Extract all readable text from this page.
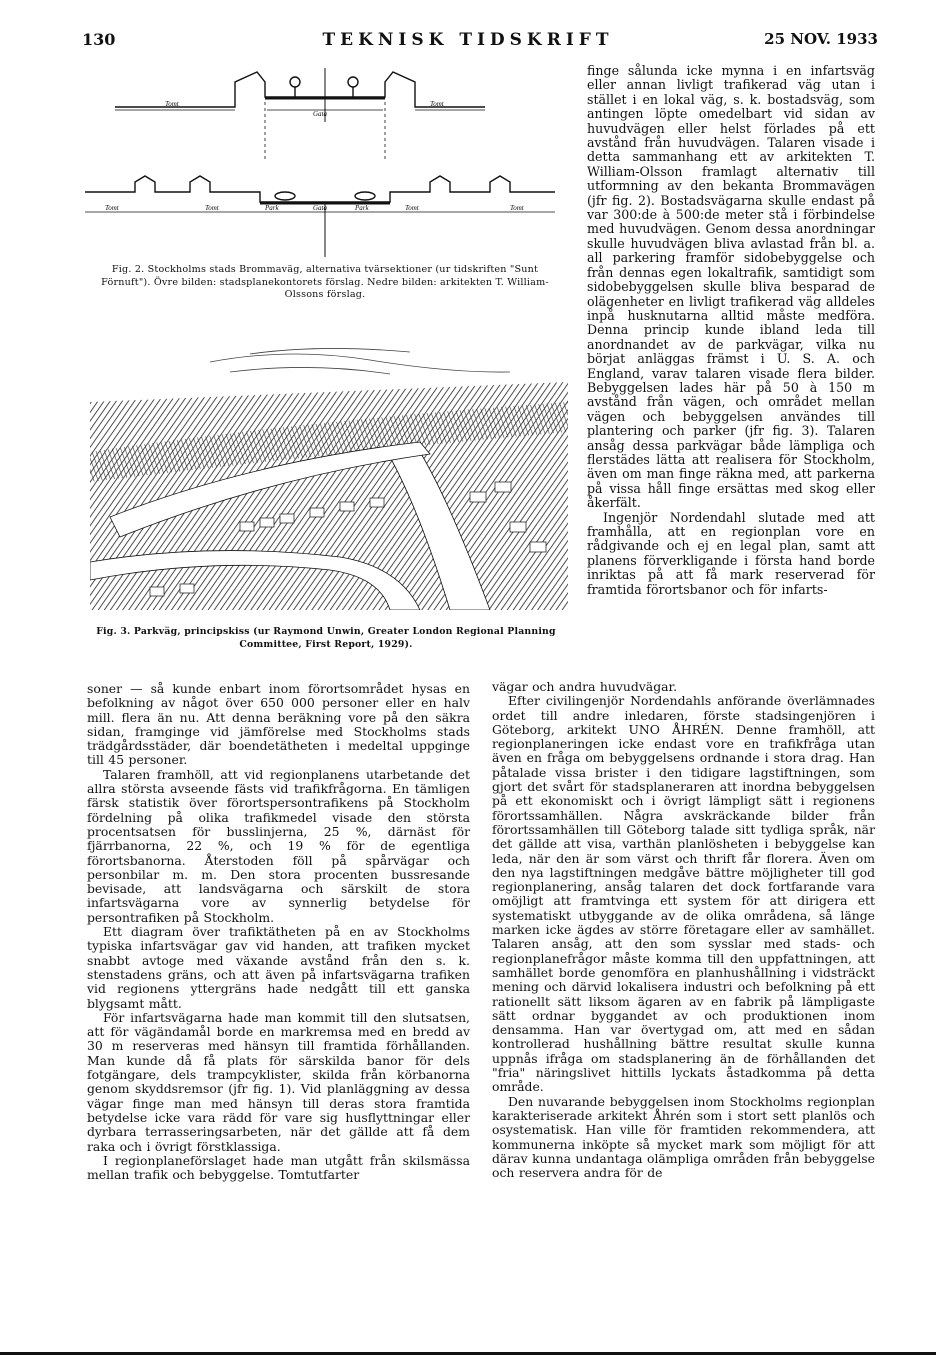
130	TEKNISK TIDSKRIFT	25 NOV. 1933
Tomt	Tomt
Gata
Tomt	Tomt	Park	Gata	Park	Tomt	Tomt
Fig. 2. Stockholms stads Brommaväg, alternativa tvärsektioner (ur tidskriften "Sunt Förnuft"). Övre bilden: stadsplanekontorets förslag. Nedre bilden: arkitekten T. William-Olssons förslag.
Fig. 3. Parkväg, principskiss (ur Raymond Unwin, Greater London Regional Planning Committee, First Report, 1929).

finge sålunda icke mynna i en infartsväg eller annan livligt trafikerad väg utan i stället i en lokal väg, s. k. bostadsväg, som antingen löpte omedelbart vid sidan av huvudvägen eller helst förlades på ett avstånd från huvudvägen. Talaren visade i detta sammanhang ett av arkitekten T. William-Olsson framlagt alternativ till utformning av den bekanta Brommavägen (jfr fig. 2). Bostadsvägarna skulle endast på var 300:de à 500:de meter stå i förbindelse med huvudvägen. Genom dessa anordningar skulle huvudvägen bliva avlastad från bl. a. all parkering framför sidobebyggelse och från dennas egen lokaltrafik, samtidigt som sidobebyggelsen skulle bliva besparad de olägenheter en livligt trafikerad väg alldeles inpå husknutarna alltid måste medföra. Denna princip kunde ibland leda till anordnandet av de parkvägar, vilka nu börjat anläggas främst i U. S. A. och England, varav talaren visade flera bilder. Bebyggelsen lades här på 50 à 150 m avstånd från vägen, och området mellan vägen och bebyggelsen användes till plantering och parker (jfr fig. 3). Talaren ansåg dessa parkvägar både lämpliga och flerstädes lätta att realisera för Stockholm, även om man finge räkna med, att parkerna på vissa håll finge ersättas med skog eller åkerfält.

Ingenjör Nordendahl slutade med att framhålla, att en regionplan vore en rådgivande och ej en legal plan, samt att planens förverkligande i första hand borde inriktas på att få mark reserverad för framtida förortsbanor och för infarts-

soner — så kunde enbart inom förortsområdet hysas en befolkning av något över 650 000 personer eller en halv mill. flera än nu. Att denna beräkning vore på den säkra sidan, framginge vid jämförelse med Stockholms stads trädgårdsstäder, där boendetätheten i medeltal uppginge till 45 personer.

Talaren framhöll, att vid regionplanens utarbetande det allra största avseende fästs vid trafikfrågorna. En tämligen färsk statistik över förortspersontrafikens på Stockholm fördelning på olika trafikmedel visade den största procentsatsen för busslinjerna, 25 %, därnäst för fjärrbanorna, 22 %, och 19 % för de egentliga förortsbanorna. Återstoden föll på spårvägar och personbilar m. m. Den stora procenten bussresande bevisade, att landsvägarna och särskilt de stora infartsvägarna vore av synnerlig betydelse för persontrafiken på Stockholm.

Ett diagram över trafiktätheten på en av Stockholms typiska infartsvägar gav vid handen, att trafiken mycket snabbt avtoge med växande avstånd från den s. k. stenstadens gräns, och att även på infartsvägarna trafiken vid regionens yttergräns hade nedgått till ett ganska blygsamt mått.

För infartsvägarna hade man kommit till den slutsatsen, att för vägändamål borde en markremsa med en bredd av 30 m reserveras med hänsyn till framtida förhållanden. Man kunde då få plats för särskilda banor för dels fotgängare, dels trampcyklister, skilda från körbanorna genom skyddsremsor (jfr fig. 1). Vid planläggning av dessa vägar finge man med hänsyn till deras stora framtida betydelse icke vara rädd för vare sig husflyttningar eller dyrbara terrasseringsarbeten, när det gällde att få dem raka och i övrigt förstklassiga.

I regionplaneförslaget hade man utgått från skilsmässa mellan trafik och bebyggelse. Tomtutfarter

vägar och andra huvudvägar.

Efter civilingenjör Nordendahls anförande överlämnades ordet till andre inledaren, förste stadsingenjören i Göteborg, arkitekt UNO ÅHRÉN. Denne framhöll, att regionplaneringen icke endast vore en trafikfråga utan även en fråga om bebyggelsens ordnande i stora drag. Han påtalade vissa brister i den tidigare lagstiftningen, som gjort det svårt för stadsplaneraren att inordna bebyggelsen på ett ekonomiskt och i övrigt lämpligt sätt i regionens förortssamhällen. Några avskräckande bilder från förortssamhällen till Göteborg talade sitt tydliga språk, när det gällde att visa, varthän planlösheten i bebyggelse kan leda, när den är som värst och thrift får florera. Även om den nya lagstiftningen medgåve bättre möjligheter till god regionplanering, ansåg talaren det dock fortfarande vara omöjligt att framtvinga ett system för att dirigera ett systematiskt utbyggande av de olika områdena, så länge marken icke ägdes av större företagare eller av samhället. Talaren ansåg, att den som sysslar med stads- och regionplanefrågor måste komma till den uppfattningen, att samhället borde genomföra en planhushållning i vidsträckt mening och därvid lokalisera industri och befolkning på ett rationellt sätt liksom ägaren av en fabrik på lämpligaste sätt ordnar byggandet av och produktionen inom densamma. Han var övertygad om, att med en sådan kontrollerad hushållning bättre resultat skulle kunna uppnås ifråga om stadsplanering än de förhållanden det "fria" näringslivet hittills lyckats åstadkomma på detta område.

Den nuvarande bebyggelsen inom Stockholms regionplan karakteriserade arkitekt Åhrén som i stort sett planlös och osystematisk. Han ville för framtiden rekommendera, att kommunerna inköpte så mycket mark som möjligt för att därav kunna undantaga olämpliga områden från bebyggelse och reservera andra för de
